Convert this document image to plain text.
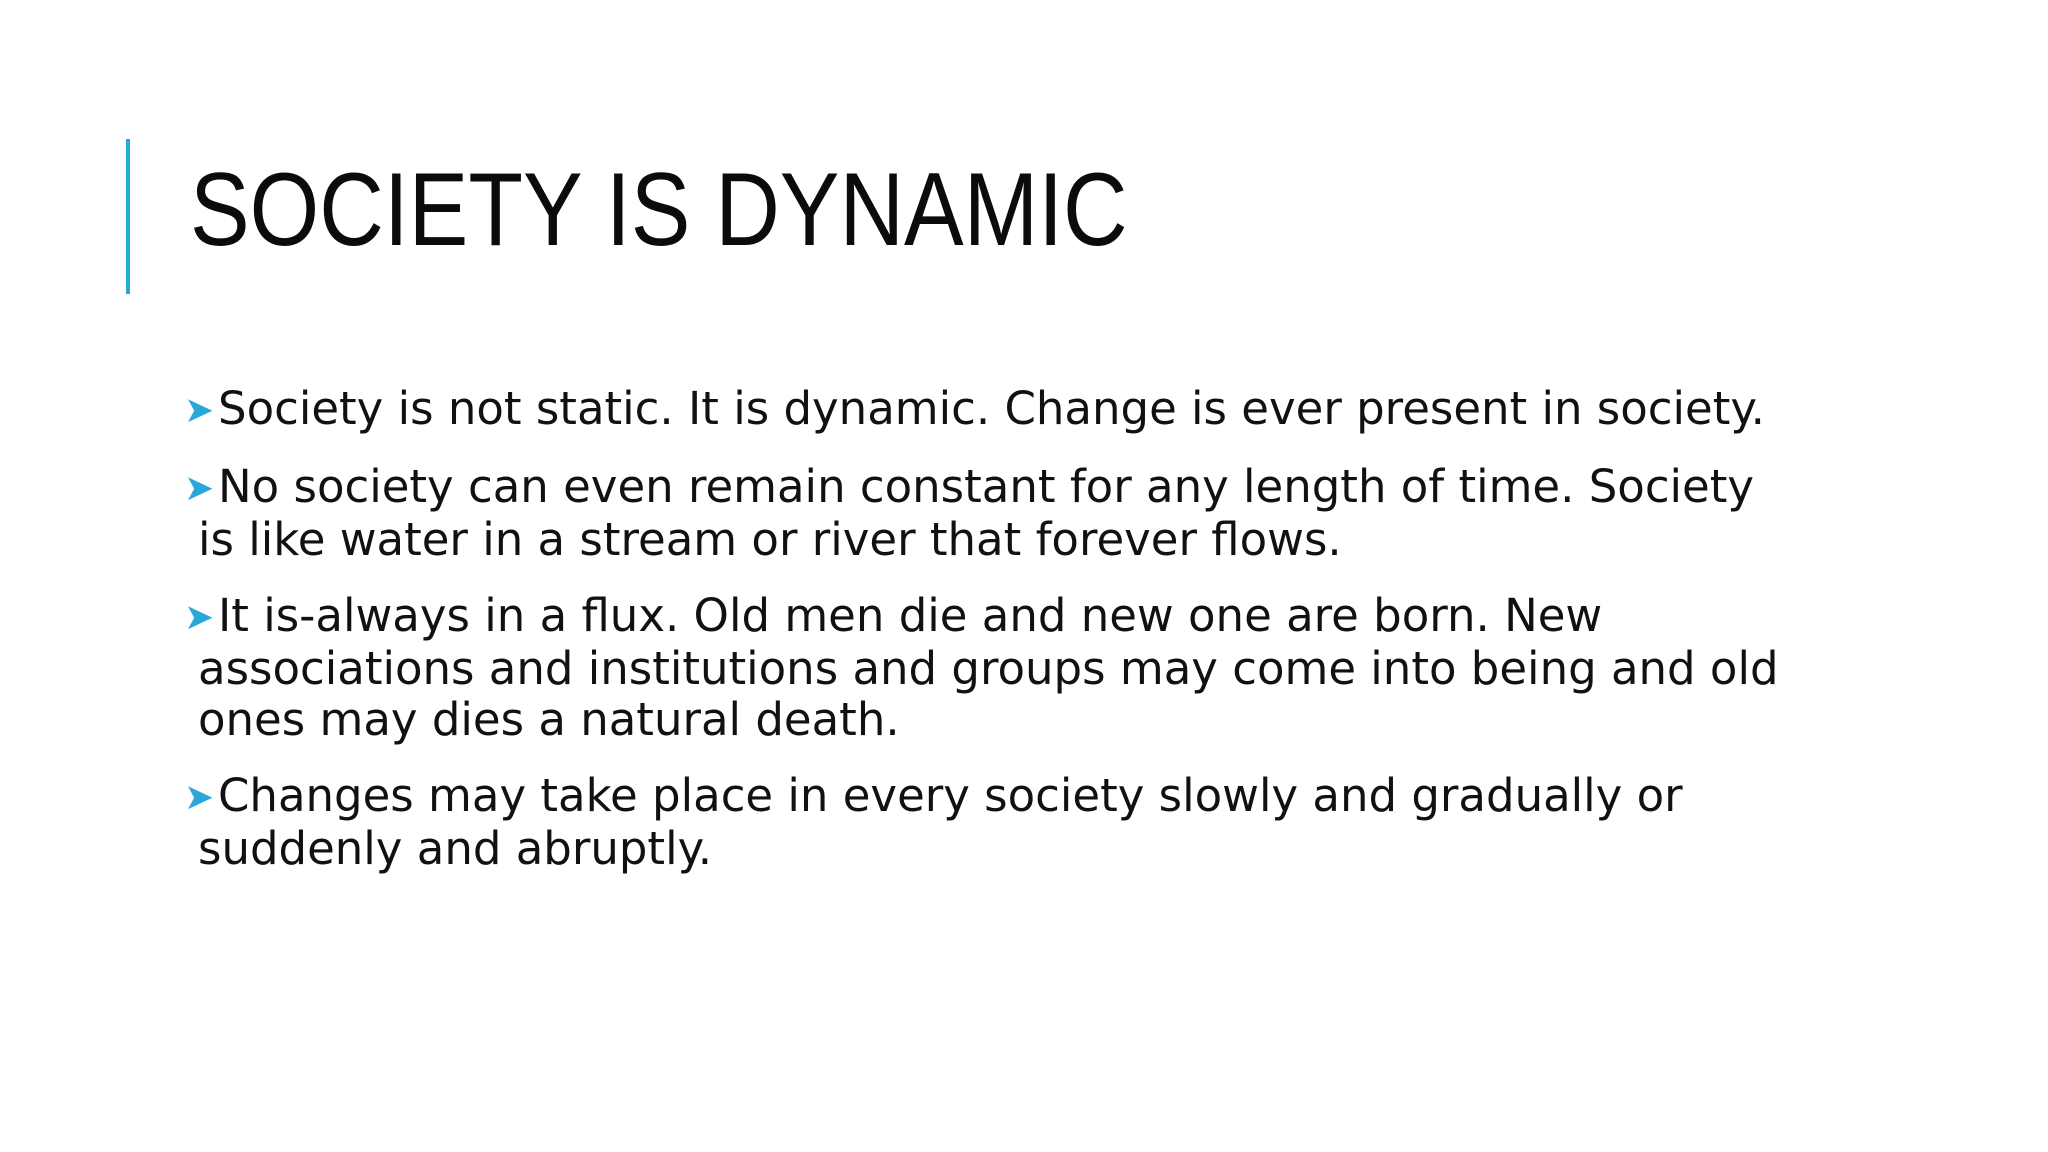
SOCIETY IS DYNAMIC
➤Society is not static. It is dynamic. Change is ever present in society.
➤No society can even remain constant for any length of time. Society is like water in a stream or river that forever flows.
➤It is-always in a flux. Old men die and new one are born. New associations and institutions and groups may come into being and old ones may dies a natural death.
➤Changes may take place in every society slowly and gradually or suddenly and abruptly.
